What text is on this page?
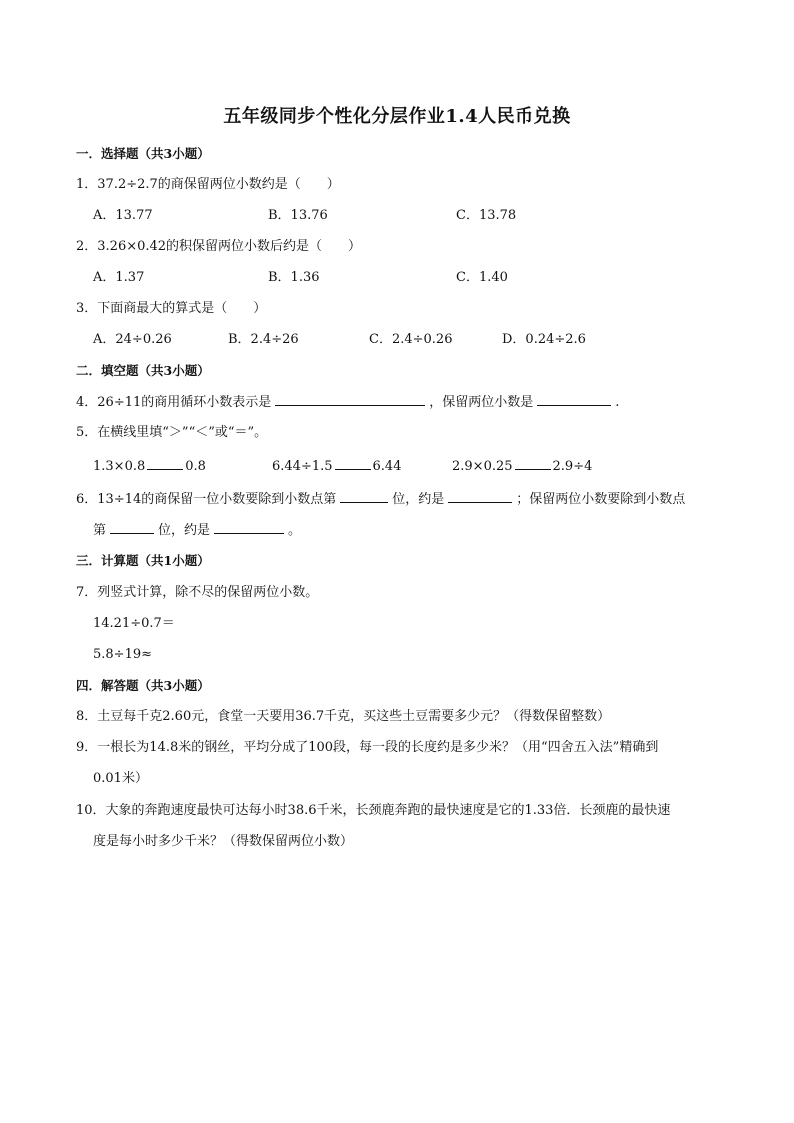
五年级同步个性化分层作业1.4人民币兑换
一．选择题（共3小题）
1．37.2÷2.7的商保留两位小数约是（　　）
A．13.77	B．13.76	C．13.78
2．3.26×0.42的积保留两位小数后约是（　　）
A．1.37	B．1.36	C．1.40
3．下面商最大的算式是（　　）
A．24÷0.26	B．2.4÷26	C．2.4÷0.26	D．0.24÷2.6
二．填空题（共3小题）
4．26÷11的商用循环小数表示是	，保留两位小数是	.
5．在横线里填“＞”“＜”或“＝”。
1.3×0.8	0.8	6.44÷1.5	6.44	2.9×0.25	2.9÷4
6．13÷14的商保留一位小数要除到小数点第	位，约是	；保留两位小数要除到小数点
第	位，约是	。
三．计算题（共1小题）
7．列竖式计算，除不尽的保留两位小数。
14.21÷0.7＝
5.8÷19≈
四．解答题（共3小题）
8．土豆每千克2.60元，食堂一天要用36.7千克，买这些土豆需要多少元？（得数保留整数）
9．一根长为14.8米的钢丝，平均分成了100段，每一段的长度约是多少米？（用“四舍五入法”精确到
0.01米）
10．大象的奔跑速度最快可达每小时38.6千米，长颈鹿奔跑的最快速度是它的1.33倍．长颈鹿的最快速
度是每小时多少千米？（得数保留两位小数）
